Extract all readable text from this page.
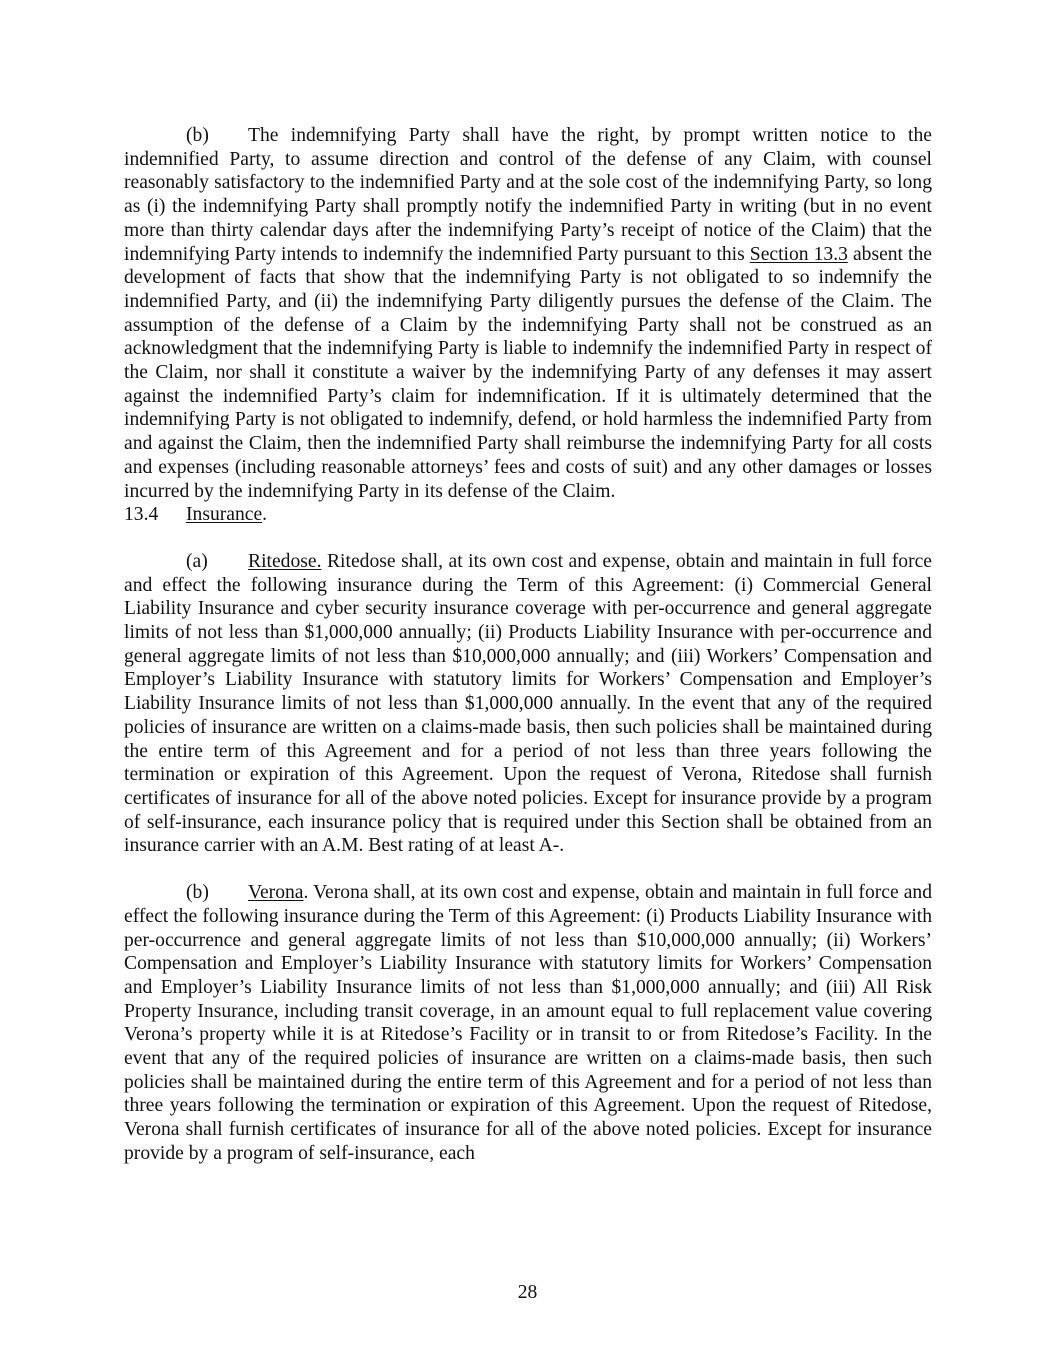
(b) The indemnifying Party shall have the right, by prompt written notice to the indemnified Party, to assume direction and control of the defense of any Claim, with counsel reasonably satisfactory to the indemnified Party and at the sole cost of the indemnifying Party, so long as (i) the indemnifying Party shall promptly notify the indemnified Party in writing (but in no event more than thirty calendar days after the indemnifying Party’s receipt of notice of the Claim) that the indemnifying Party intends to indemnify the indemnified Party pursuant to this Section 13.3 absent the development of facts that show that the indemnifying Party is not obligated to so indemnify the indemnified Party, and (ii) the indemnifying Party diligently pursues the defense of the Claim. The assumption of the defense of a Claim by the indemnifying Party shall not be construed as an acknowledgment that the indemnifying Party is liable to indemnify the indemnified Party in respect of the Claim, nor shall it constitute a waiver by the indemnifying Party of any defenses it may assert against the indemnified Party’s claim for indemnification. If it is ultimately determined that the indemnifying Party is not obligated to indemnify, defend, or hold harmless the indemnified Party from and against the Claim, then the indemnified Party shall reimburse the indemnifying Party for all costs and expenses (including reasonable attorneys’ fees and costs of suit) and any other damages or losses incurred by the indemnifying Party in its defense of the Claim.

13.4 Insurance.

(a) Ritedose. Ritedose shall, at its own cost and expense, obtain and maintain in full force and effect the following insurance during the Term of this Agreement: (i) Commercial General Liability Insurance and cyber security insurance coverage with per-occurrence and general aggregate limits of not less than $1,000,000 annually; (ii) Products Liability Insurance with per-occurrence and general aggregate limits of not less than $10,000,000 annually; and (iii) Workers’ Compensation and Employer’s Liability Insurance with statutory limits for Workers’ Compensation and Employer’s Liability Insurance limits of not less than $1,000,000 annually. In the event that any of the required policies of insurance are written on a claims-made basis, then such policies shall be maintained during the entire term of this Agreement and for a period of not less than three years following the termination or expiration of this Agreement. Upon the request of Verona, Ritedose shall furnish certificates of insurance for all of the above noted policies. Except for insurance provide by a program of self-insurance, each insurance policy that is required under this Section shall be obtained from an insurance carrier with an A.M. Best rating of at least A-.

(b) Verona. Verona shall, at its own cost and expense, obtain and maintain in full force and effect the following insurance during the Term of this Agreement: (i) Products Liability Insurance with per-occurrence and general aggregate limits of not less than $10,000,000 annually; (ii) Workers’ Compensation and Employer’s Liability Insurance with statutory limits for Workers’ Compensation and Employer’s Liability Insurance limits of not less than $1,000,000 annually; and (iii) All Risk Property Insurance, including transit coverage, in an amount equal to full replacement value covering Verona’s property while it is at Ritedose’s Facility or in transit to or from Ritedose’s Facility. In the event that any of the required policies of insurance are written on a claims-made basis, then such policies shall be maintained during the entire term of this Agreement and for a period of not less than three years following the termination or expiration of this Agreement. Upon the request of Ritedose, Verona shall furnish certificates of insurance for all of the above noted policies. Except for insurance provide by a program of self-insurance, each

28
